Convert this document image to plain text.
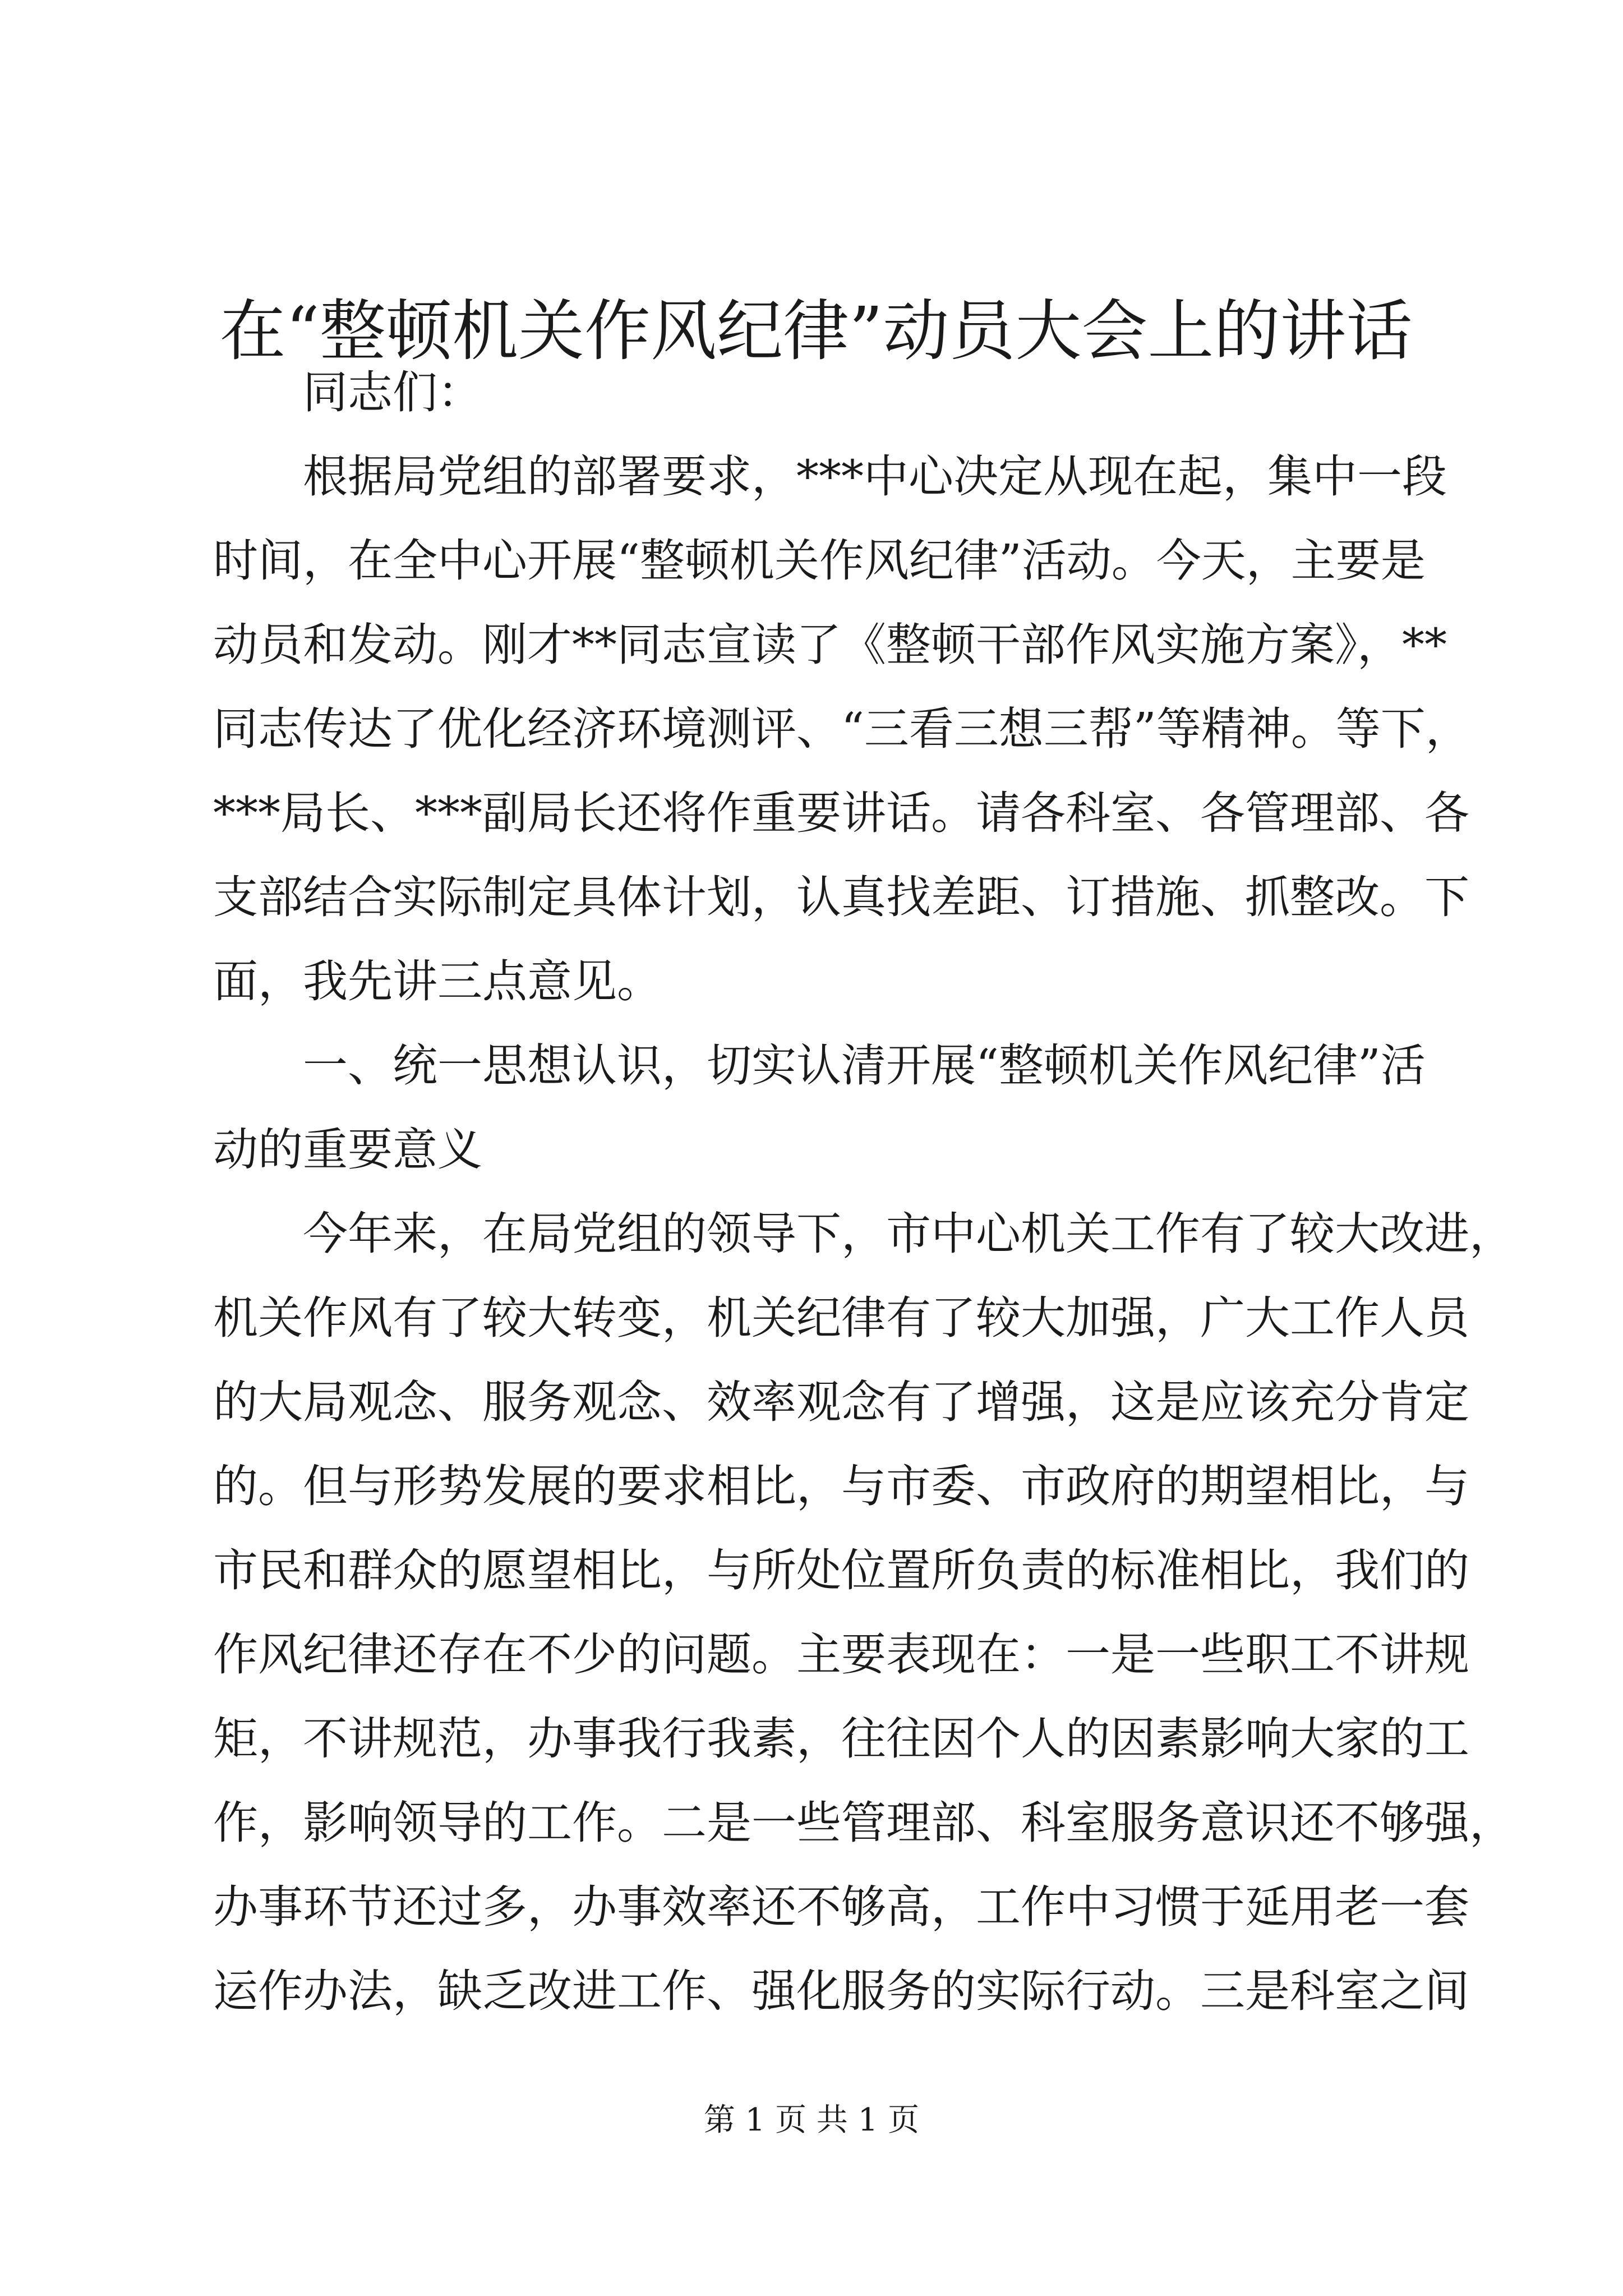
在“整顿机关作风纪律”动员大会上的讲话
同志们：
根据局党组的部署要求，***中心决定从现在起，集中一段
时间，在全中心开展“整顿机关作风纪律”活动。今天，主要是
动员和发动。刚才**同志宣读了《整顿干部作风实施方案》，**
同志传达了优化经济环境测评、“三看三想三帮”等精神。等下，
***局长、***副局长还将作重要讲话。请各科室、各管理部、各
支部结合实际制定具体计划，认真找差距、订措施、抓整改。下
面，我先讲三点意见。
一、统一思想认识，切实认清开展“整顿机关作风纪律”活
动的重要意义
今年来，在局党组的领导下，市中心机关工作有了较大改进，
机关作风有了较大转变，机关纪律有了较大加强，广大工作人员
的大局观念、服务观念、效率观念有了增强，这是应该充分肯定
的。但与形势发展的要求相比，与市委、市政府的期望相比，与
市民和群众的愿望相比，与所处位置所负责的标准相比，我们的
作风纪律还存在不少的问题。主要表现在：一是一些职工不讲规
矩，不讲规范，办事我行我素，往往因个人的因素影响大家的工
作，影响领导的工作。二是一些管理部、科室服务意识还不够强，
办事环节还过多，办事效率还不够高，工作中习惯于延用老一套
运作办法，缺乏改进工作、强化服务的实际行动。三是科室之间
第 1 页 共 1 页
